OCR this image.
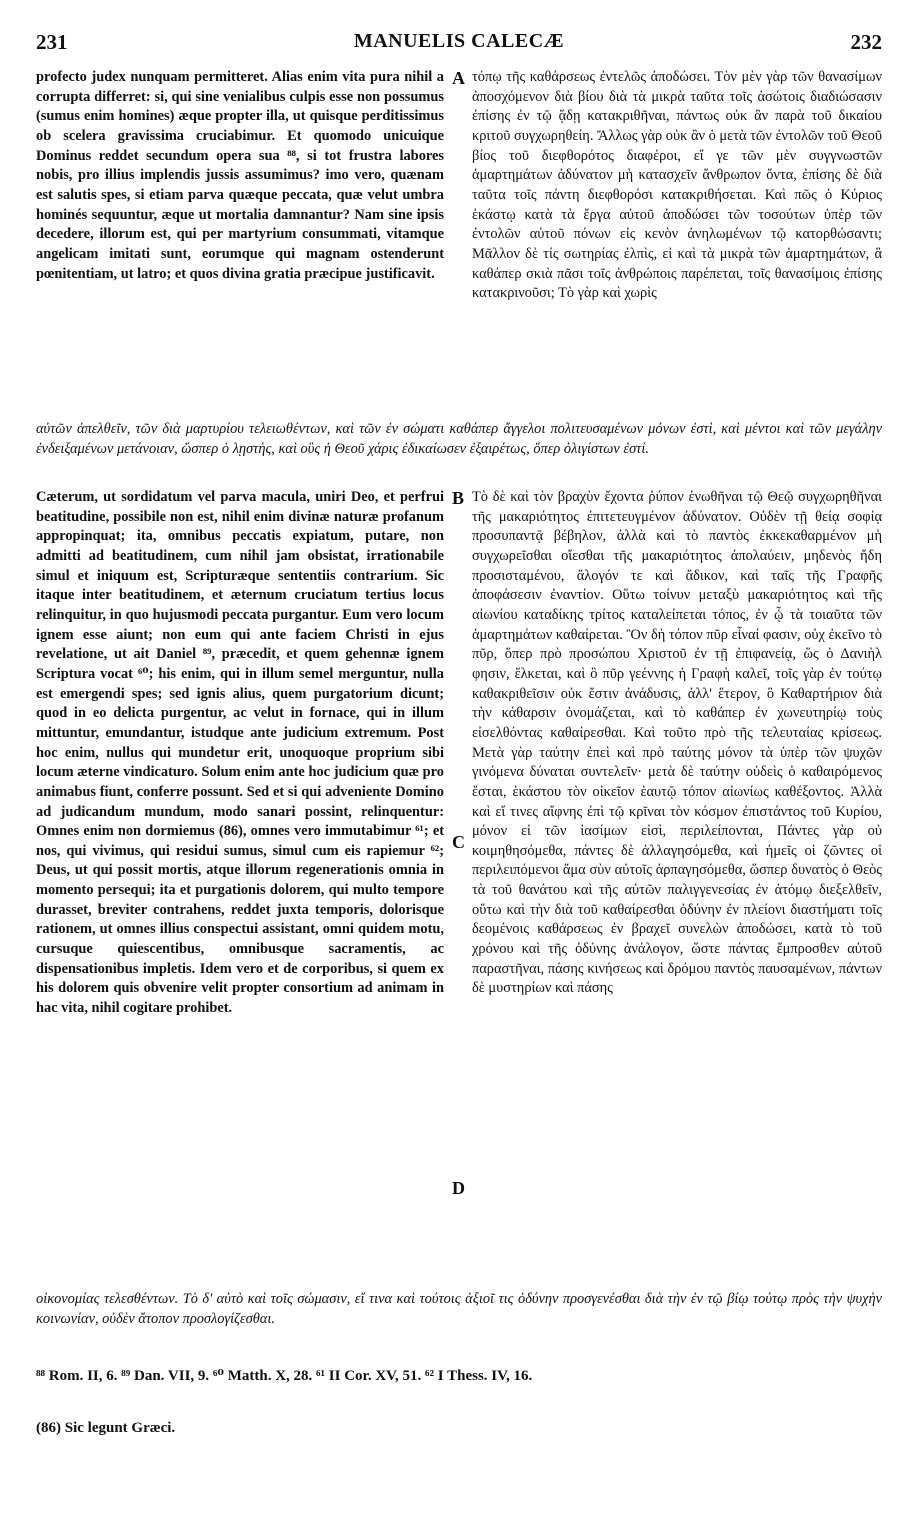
231	MANUELIS CALECÆ	232

profecto judex nunquam permitteret. Alias enim vita pura nihil a corrupta differret: si, qui sine venialibus culpis esse non possumus (sumus enim homines) æque propter illa, ut quisque perditissimus ob scelera gravissima cruciabimur. Et quomodo unicuique Dominus reddet secundum opera sua ⁸⁸, si tot frustra labores nobis, pro illius implendis jussis assumimus? imo vero, quænam est salutis spes, si etiam parva quæque peccata, quæ velut umbra hominés sequuntur, æque ut mortalia damnantur? Nam sine ipsis decedere, illorum est, qui per martyrium consummati, vitamque angelicam imitati sunt, eorumque qui magnam ostenderunt pœnitentiam, ut latro; et quos divina gratia præcipue justificavit.

A τόπῳ τῆς καθάρσεως ἐντελῶς ἀποδώσει. Τὸν μὲν γὰρ τῶν θανασίμων ἀποσχόμενον διὰ βίου διὰ τὰ μικρὰ ταῦτα τοῖς ἀσώτοις διαδιώσασιν ἐπίσης ἐν τῷ ᾅδῃ κατακριθῆναι, πάντως οὐκ ἂν παρὰ τοῦ δικαίου κριτοῦ συγχωρηθείη. Ἄλλως γὰρ οὐκ ἂν ὁ μετὰ τῶν ἐντολῶν τοῦ Θεοῦ βίος τοῦ διεφθορότος διαφέροι, εἴ γε τῶν μὲν συγγνωστῶν ἁμαρτημάτων ἀδύνατον μὴ κατασχεῖν ἄνθρωπον ὄντα, ἐπίσης δὲ διὰ ταῦτα τοῖς πάντη διεφθορόσι κατακριθήσεται. Καὶ πῶς ὁ Κύριος ἑκάστῳ κατὰ τὰ ἔργα αὐτοῦ ἀποδώσει τῶν τοσούτων ὑπὲρ τῶν ἐντολῶν αὐτοῦ πόνων εἰς κενὸν ἀνηλωμένων τῷ κατορθώσαντι; Μᾶλλον δὲ τίς σωτηρίας ἐλπὶς, εἰ καὶ τὰ μικρὰ τῶν ἁμαρτημάτων, ἃ καθάπερ σκιὰ πᾶσι τοῖς ἀνθρώποις παρέπεται, τοῖς θανασίμοις ἐπίσης κατακρινοῦσι; Τὸ γὰρ καὶ χωρὶς

αὐτῶν ἀπελθεῖν, τῶν διὰ μαρτυρίου τελειωθέντων, καὶ τῶν ἐν σώματι καθάπερ ἄγγελοι πολιτευσαμένων μόνων ἐστὶ, καὶ μέντοι καὶ τῶν μεγάλην ἐνδειξαμένων μετάνοιαν, ὥσπερ ὁ λῃστὴς, καὶ οὓς ἡ Θεοῦ χάρις ἐδικαίωσεν ἐξαιρέτως, ὅπερ ὀλιγίστων ἐστί.

Cæterum, ut sordidatum vel parva macula, uniri Deo, et perfrui beatitudine, possibile non est, nihil enim divinæ naturæ profanum appropinquat; ita, omnibus peccatis expiatum, putare, non admitti ad beatitudinem, cum nihil jam obsistat, irrationabile simul et iniquum est, Scripturæque sententiis contrarium. Sic itaque inter beatitudinem, et æternum cruciatum tertius locus relinquitur, in quo hujusmodi peccata purgantur. Eum vero locum ignem esse aiunt; non eum qui ante faciem Christi in ejus revelatione, ut ait Daniel ⁸⁹, præcedit, et quem gehennæ ignem Scriptura vocat ⁶⁰; his enim, qui in illum semel merguntur, nulla est emergendi spes; sed ignis alius, quem purgatorium dicunt; quod in eo delicta purgentur, ac velut in fornace, qui in illum mittuntur, emundantur, istudque ante judicium extremum. Post hoc enim, nullus qui mundetur erit, unoquoque proprium sibi locum æterne vindicaturo. Solum enim ante hoc judicium quæ pro animabus fiunt, conferre possunt. Sed et si qui adveniente Domino ad judicandum mundum, modo sanari possint, relinquentur: Omnes enim non dormiemus (86), omnes vero immutabimur ⁶¹; et nos, qui vivimus, qui residui sumus, simul cum eis rapiemur ⁶²; Deus, ut qui possit mortis, atque illorum regenerationis omnia in momento persequi; ita et purgationis dolorem, qui multo tempore durasset, breviter contrahens, reddet juxta temporis, dolorisque rationem, ut omnes illius conspectui assistant, omni quidem motu, cursuque quiescentibus, omnibusque sacramentis, ac dispensationibus impletis. Idem vero et de corporibus, si quem ex his dolorem quis obvenire velit propter consortium ad animam in hac vita, nihil cogitare prohibet.

B
C
D

Τὸ δὲ καὶ τὸν βραχὺν ἔχοντα ῥύπον ἑνωθῆναι τῷ Θεῷ συγχωρηθῆναι τῆς μακαριότητος ἐπιτετευγμένον ἀδύνατον. Οὐδὲν τῇ θείᾳ σοφίᾳ προσυπαντᾷ βέβηλον, ἀλλὰ καὶ τὸ παντὸς ἐκκεκαθαρμένον μὴ συγχωρεῖσθαι οἴεσθαι τῆς μακαριότητος ἀπολαύειν, μηδενὸς ἤδη προσισταμένου, ἄλογόν τε καὶ ἄδικον, καὶ ταῖς τῆς Γραφῆς ἀποφάσεσιν ἐναντίον. Οὕτω τοίνυν μεταξὺ μακαριότητος καὶ τῆς αἰωνίου καταδίκης τρίτος καταλείπεται τόπος, ἐν ᾧ τὰ τοιαῦτα τῶν ἁμαρτημάτων καθαίρεται. Ὃν δὴ τόπον πῦρ εἶναί φασιν, οὐχ ἐκεῖνο τὸ πῦρ, ὅπερ πρὸ προσώπου Χριστοῦ ἐν τῇ ἐπιφανείᾳ, ὥς ὁ Δανιὴλ φησιν, ἕλκεται, καὶ ὃ πῦρ γεέννης ἡ Γραφὴ καλεῖ, τοῖς γὰρ ἐν τούτῳ καθακριθεῖσιν οὐκ ἔστιν ἀνάδυσις, ἀλλ' ἕτερον, ὃ Καθαρτήριον διὰ τὴν κάθαρσιν ὀνομάζεται, καὶ τὸ καθάπερ ἐν χωνευτηρίῳ τοὺς εἰσελθόντας καθαίρεσθαι. Καὶ τοῦτο πρὸ τῆς τελευταίας κρίσεως. Μετὰ γὰρ ταύτην ἐπεὶ καὶ πρὸ ταύτης μόνον τὰ ὑπὲρ τῶν ψυχῶν γινόμενα δύναται συντελεῖν· μετὰ δὲ ταύτην οὐδεὶς ὁ καθαιρόμενος ἔσται, ἑκάστου τὸν οἰκεῖον ἑαυτῷ τόπον αἰωνίως καθέξοντος. Ἀλλὰ καὶ εἴ τινες αἴφνης ἐπὶ τῷ κρῖναι τὸν κόσμον ἐπιστάντος τοῦ Κυρίου, μόνον εἰ τῶν ἰασίμων εἰσὶ, περιλείπονται, Πάντες γὰρ οὐ κοιμηθησόμεθα, πάντες δὲ ἀλλαγησόμεθα, καὶ ἡμεῖς οἱ ζῶντες οἱ περιλειπόμενοι ἅμα σὺν αὐτοῖς ἁρπαγησόμεθα, ὥσπερ δυνατὸς ὁ Θεὸς τὰ τοῦ θανάτου καὶ τῆς αὐτῶν παλιγγενεσίας ἐν ἀτόμῳ διεξελθεῖν, οὕτω καὶ τὴν διὰ τοῦ καθαίρεσθαι ὀδύνην ἐν πλείονι διαστήματι τοῖς δεομένοις καθάρσεως ἐν βραχεῖ συνελὼν ἀποδώσει, κατὰ τὸ τοῦ χρόνου καὶ τῆς ὀδύνης ἀνάλογον, ὥστε πάντας ἔμπροσθεν αὐτοῦ παραστῆναι, πάσης κινήσεως καὶ δρόμου παντὸς παυσαμένων, πάντων δὲ μυστηρίων καὶ πάσης

οἰκονομίας τελεσθέντων. Τὸ δ' αὐτὸ καὶ τοῖς σώμασιν, εἴ τινα καὶ τούτοις ἀξιοῖ τις ὀδύνην προσγενέσθαι διὰ τὴν ἐν τῷ βίῳ τούτῳ πρὸς τὴν ψυχὴν κοινωνίαν, οὐδὲν ἄτοπον προσλογίζεσθαι.
⁸⁸ Rom. II, 6. ⁸⁹ Dan. VII, 9. ⁶⁰ Matth. X, 28. ⁶¹ II Cor. XV, 51. ⁶² I Thess. IV, 16.
(86) Sic legunt Græci.
